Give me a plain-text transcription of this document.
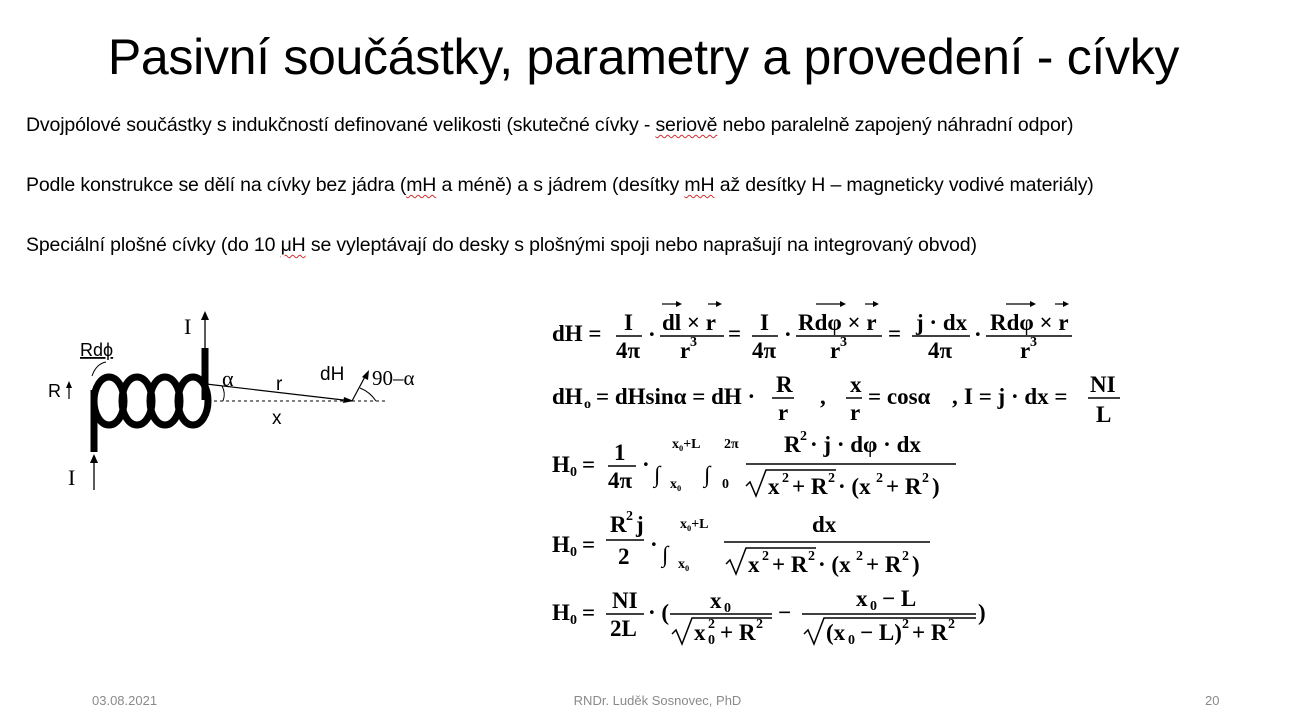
Pasivní součástky, parametry a provedení - cívky
Dvojpólové součástky s indukčností definované velikosti (skutečné cívky - seriově nebo paralelně zapojený náhradní odpor)
Podle konstrukce se dělí na cívky bez jádra (mH a méně) a s jádrem (desítky mH až desítky H – magneticky vodivé materiály)
Speciální plošné cívky (do 10 μH se vyleptávají do desky s plošnými spoji nebo naprašují na integrovaný obvod)
I
Rdϕ
R
I
α r dH 90–α
x
dH = I
4π
· dl × r
r 3 = I
4π
· Rdφ × r
r 3 = j · dx
4π
·
dH o = dHsinα = dH · R
r
, x
r
= cosα ,
H 0 = 1
4π
· ∫
x₀+L
x₀ ∫
2π
0
R 2 · j · dφ · dx
x 2 + R 2 · (x 2 + R 2 )
H 0 =
R 2 j
2 · ∫
x₀+L
x₀
dx
x 2 + R 2 · (x 2 + R 2 )
H 0 = NI
2L
· ( x 0
x 0
2 + R 2 −
x 0 − L
(x 0 − L) 2 + R 2 )
Rdφ × r
r 3
I = j · dx = NI
L
03.08.2021	RNDr. Luděk Sosnovec, PhD	20
